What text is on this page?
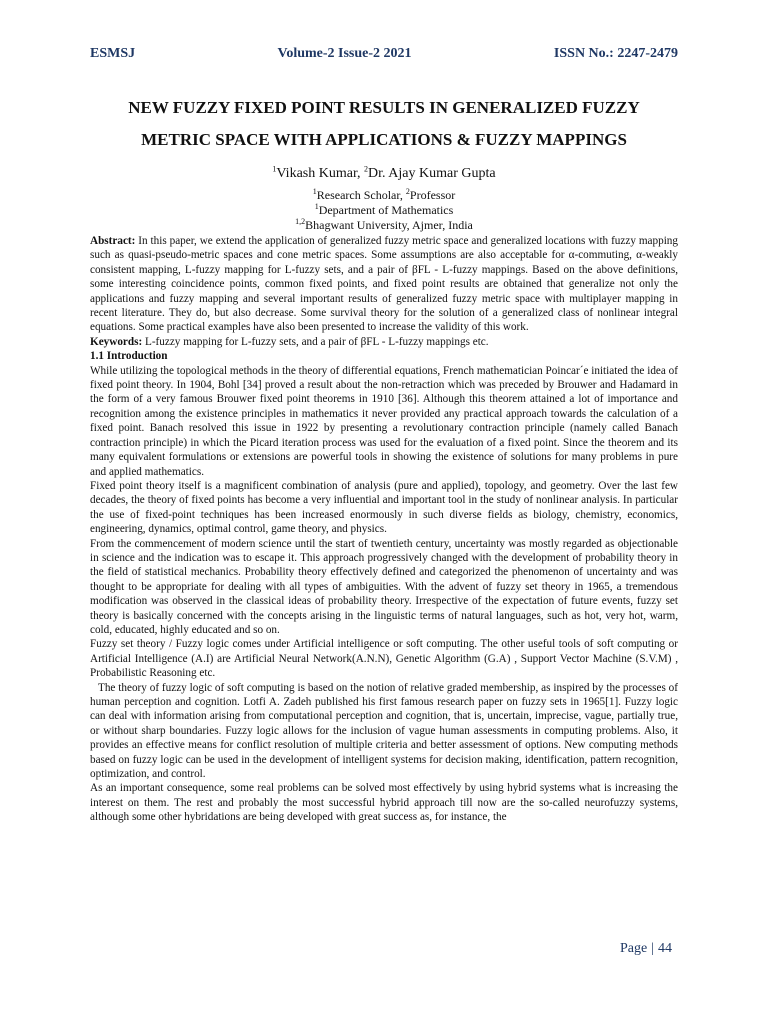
ESMSJ	Volume-2 Issue-2 2021	ISSN No.: 2247-2479
NEW FUZZY FIXED POINT RESULTS IN GENERALIZED FUZZY
METRIC SPACE WITH APPLICATIONS & FUZZY MAPPINGS
$^1$Vikash Kumar, $^2$Dr. Ajay Kumar Gupta
$^1$Research Scholar, $^2$Professor
$^1$Department of Mathematics
$^{1,2}$Bhagwant University, Ajmer, India

Abstract: In this paper, we extend the application of generalized fuzzy metric space and generalized locations with fuzzy mapping such as quasi-pseudo-metric spaces and cone metric spaces. Some assumptions are also acceptable for α-commuting, α-weakly consistent mapping, L-fuzzy mapping for L-fuzzy sets, and a pair of βFL - L-fuzzy mappings. Based on the above definitions, some interesting coincidence points, common fixed points, and fixed point results are obtained that generalize not only the applications and fuzzy mapping and several important results of generalized fuzzy metric space with multiplayer mapping in recent literature. They do, but also decrease. Some survival theory for the solution of a generalized class of nonlinear integral equations. Some practical examples have also been presented to increase the validity of this work.

Keywords: L-fuzzy mapping for L-fuzzy sets, and a pair of βFL - L-fuzzy mappings etc.

1.1 Introduction

While utilizing the topological methods in the theory of differential equations, French mathematician Poincar´e initiated the idea of fixed point theory. In 1904, Bohl [34] proved a result about the non-retraction which was preceded by Brouwer and Hadamard in the form of a very famous Brouwer fixed point theorems in 1910 [36]. Although this theorem attained a lot of importance and recognition among the existence principles in mathematics it never provided any practical approach towards the calculation of a fixed point. Banach resolved this issue in 1922 by presenting a revolutionary contraction principle (namely called Banach contraction principle) in which the Picard iteration process was used for the evaluation of a fixed point. Since the theorem and its many equivalent formulations or extensions are powerful tools in showing the existence of solutions for many problems in pure and applied mathematics.

Fixed point theory itself is a magnificent combination of analysis (pure and applied), topology, and geometry. Over the last few decades, the theory of fixed points has become a very influential and important tool in the study of nonlinear analysis. In particular the use of fixed-point techniques has been increased enormously in such diverse fields as biology, chemistry, economics, engineering, dynamics, optimal control, game theory, and physics.

From the commencement of modern science until the start of twentieth century, uncertainty was mostly regarded as objectionable in science and the indication was to escape it. This approach progressively changed with the development of probability theory in the field of statistical mechanics. Probability theory effectively defined and categorized the phenomenon of uncertainty and was thought to be appropriate for dealing with all types of ambiguities. With the advent of fuzzy set theory in 1965, a tremendous modification was observed in the classical ideas of probability theory. Irrespective of the expectation of future events, fuzzy set theory is basically concerned with the concepts arising in the linguistic terms of natural languages, such as hot, very hot, warm, cold, educated, highly educated and so on.

Fuzzy set theory / Fuzzy logic comes under Artificial intelligence or soft computing. The other useful tools of soft computing or Artificial Intelligence (A.I) are Artificial Neural Network(A.N.N), Genetic Algorithm (G.A) , Support Vector Machine (S.V.M) , Probabilistic Reasoning etc.

The theory of fuzzy logic of soft computing is based on the notion of relative graded membership, as inspired by the processes of human perception and cognition. Lotfi A. Zadeh published his first famous research paper on fuzzy sets in 1965[1]. Fuzzy logic can deal with information arising from computational perception and cognition, that is, uncertain, imprecise, vague, partially true, or without sharp boundaries. Fuzzy logic allows for the inclusion of vague human assessments in computing problems. Also, it provides an effective means for conflict resolution of multiple criteria and better assessment of options. New computing methods based on fuzzy logic can be used in the development of intelligent systems for decision making, identification, pattern recognition, optimization, and control.

As an important consequence, some real problems can be solved most effectively by using hybrid systems what is increasing the interest on them. The rest and probably the most successful hybrid approach till now are the so-called neurofuzzy systems, although some other hybridations are being developed with great success as, for instance, the

Page | 44
